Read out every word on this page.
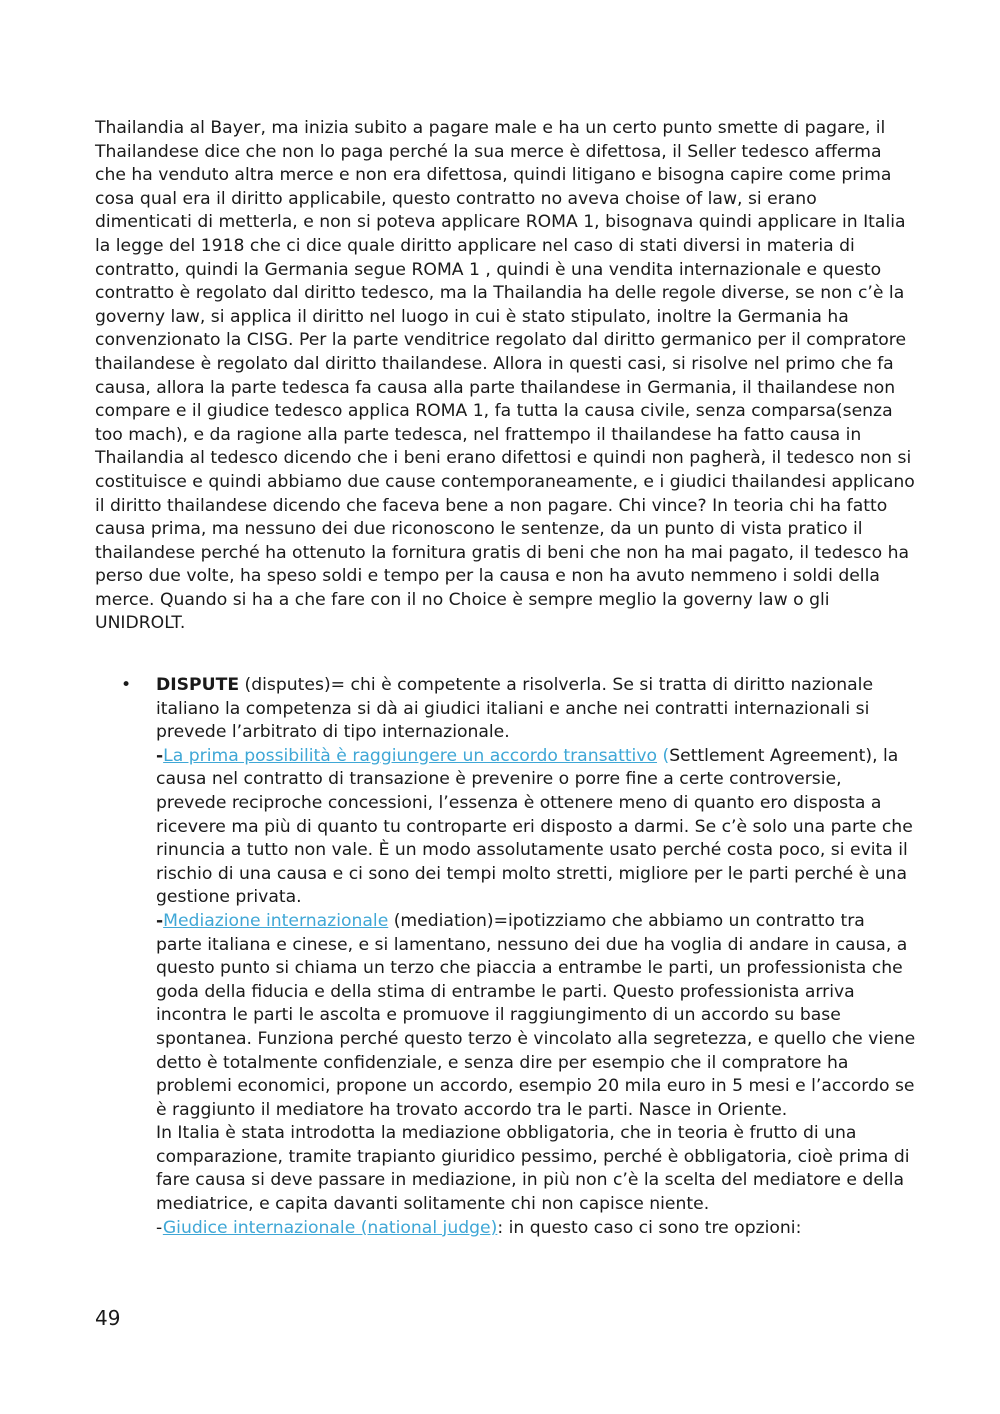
Thailandia al Bayer, ma inizia subito a pagare male e ha un certo punto smette di pagare, il Thailandese dice che non lo paga perché la sua merce è difettosa, il Seller tedesco afferma che ha venduto altra merce e non era difettosa, quindi litigano e bisogna capire come prima cosa qual era il diritto applicabile, questo contratto no aveva choise of law, si erano dimenticati di metterla, e non si poteva applicare ROMA 1, bisognava quindi applicare in Italia la legge del 1918 che ci dice quale diritto applicare nel caso di stati diversi in materia di contratto, quindi la Germania segue ROMA 1 , quindi è una vendita internazionale e questo contratto è regolato dal diritto tedesco, ma la Thailandia ha delle regole diverse, se non c’è la governy law, si applica il diritto nel luogo in cui è stato stipulato, inoltre la Germania ha convenzionato la CISG. Per la parte venditrice regolato dal diritto germanico per il compratore thailandese è regolato dal diritto thailandese. Allora in questi casi, si risolve nel primo che fa causa, allora la parte tedesca fa causa alla parte thailandese in Germania, il thailandese non compare e il giudice tedesco applica ROMA 1, fa tutta la causa civile, senza comparsa(senza too mach), e da ragione alla parte tedesca, nel frattempo il thailandese ha fatto causa in Thailandia al tedesco dicendo che i beni erano difettosi e quindi non pagherà, il tedesco non si costituisce e quindi abbiamo due cause contemporaneamente, e i giudici thailandesi applicano il diritto thailandese dicendo che faceva bene a non pagare. Chi vince? In teoria chi ha fatto causa prima, ma nessuno dei due riconoscono le sentenze, da un punto di vista pratico il thailandese perché ha ottenuto la fornitura gratis di beni che non ha mai pagato, il tedesco ha perso due volte, ha speso soldi e tempo per la causa e non ha avuto nemmeno i soldi della merce. Quando si ha a che fare con il no Choice è sempre meglio la governy law o gli UNIDROLT.

• DISPUTE (disputes)= chi è competente a risolverla. Se si tratta di diritto nazionale italiano la competenza si dà ai giudici italiani e anche nei contratti internazionali si prevede l’arbitrato di tipo internazionale.

-La prima possibilità è raggiungere un accordo transattivo (Settlement Agreement), la causa nel contratto di transazione è prevenire o porre fine a certe controversie, prevede reciproche concessioni, l’essenza è ottenere meno di quanto ero disposta a ricevere ma più di quanto tu controparte eri disposto a darmi. Se c’è solo una parte che rinuncia a tutto non vale. È un modo assolutamente usato perché costa poco, si evita il rischio di una causa e ci sono dei tempi molto stretti, migliore per le parti perché è una gestione privata.

-Mediazione internazionale (mediation)=ipotizziamo che abbiamo un contratto tra parte italiana e cinese, e si lamentano, nessuno dei due ha voglia di andare in causa, a questo punto si chiama un terzo che piaccia a entrambe le parti, un professionista che goda della fiducia e della stima di entrambe le parti. Questo professionista arriva incontra le parti le ascolta e promuove il raggiungimento di un accordo su base spontanea. Funziona perché questo terzo è vincolato alla segretezza, e quello che viene detto è totalmente confidenziale, e senza dire per esempio che il compratore ha problemi economici, propone un accordo, esempio 20 mila euro in 5 mesi e l’accordo se è raggiunto il mediatore ha trovato accordo tra le parti. Nasce in Oriente.

In Italia è stata introdotta la mediazione obbligatoria, che in teoria è frutto di una comparazione, tramite trapianto giuridico pessimo, perché è obbligatoria, cioè prima di fare causa si deve passare in mediazione, in più non c’è la scelta del mediatore e della mediatrice, e capita davanti solitamente chi non capisce niente.

-Giudice internazionale (national judge): in questo caso ci sono tre opzioni:

49
